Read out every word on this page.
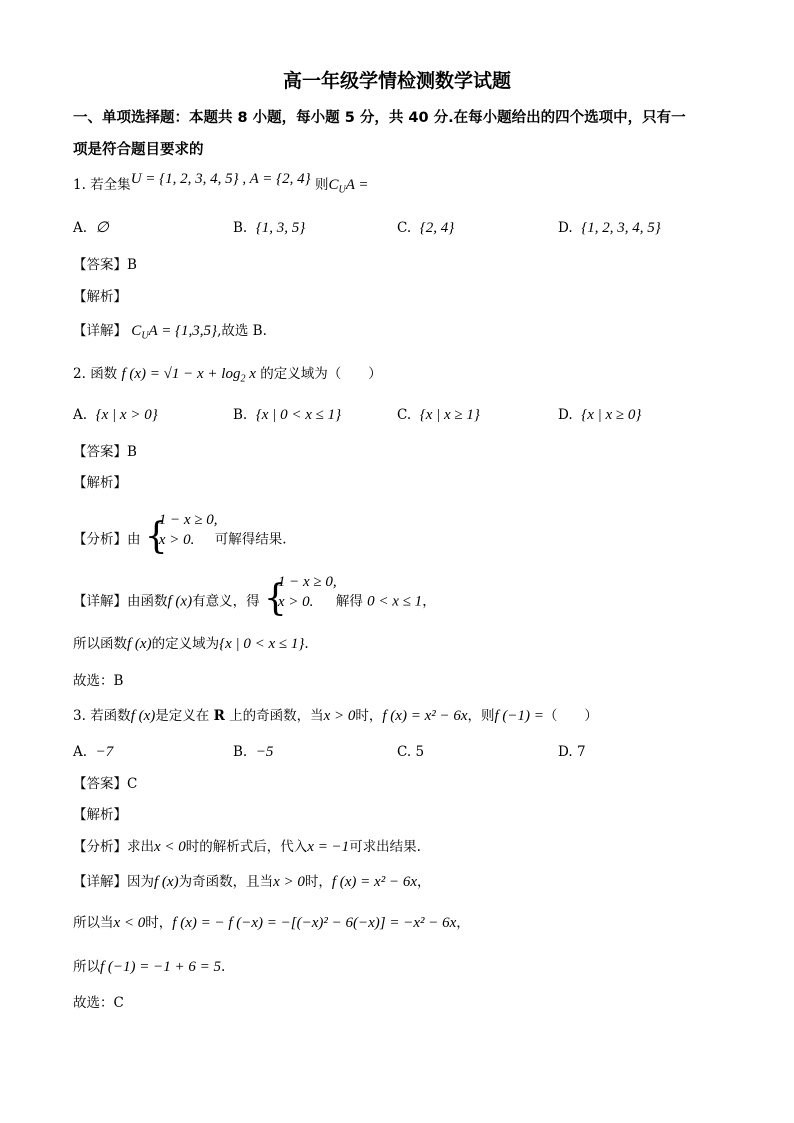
高一年级学情检测数学试题
一、单项选择题：本题共 8 小题，每小题 5 分，共 40 分.在每小题给出的四个选项中，只有一
项是符合题目要求的
1. 若全集U = {1, 2, 3, 4, 5} , A = {2, 4} 则$C_UA$ =
A. ∅	B. {1, 3, 5}	C. {2, 4}	D. {1, 2, 3, 4, 5}
【答案】B
【解析】
【详解】 $C_UA = \{1,3,5\}$,故选 B.
2. 函数 f $(x) = √1 - x + \log_2 x$ 的定义域为（　　）
A. {x | x > 0}	B. {x | 0 < x ≤ 1}	C. {x | x ≥ 1}	D. {x | x ≥ 0}
【答案】B
【解析】
【分析】由 {
1 − x ≥ 0,
x > 0.	可解得结果.
【详解】由函数f (x)有意义，得 {
1 − x ≥ 0,
x > 0.	解得 0 < x ≤ 1，
所以函数f (x)的定义域为{x | 0 < x ≤ 1}.
故选：B
3. 若函数f (x)是定义在 R 上的奇函数，当x > 0时，f (x) = x² − 6x，则f (−1) =（　　）
A. −7	B. −5	C. 5	D. 7
【答案】C
【解析】
【分析】求出x < 0时的解析式后，代入x = −1可求出结果.
【详解】因为f (x)为奇函数，且当x > 0时，f (x) = x² − 6x，
所以当x < 0时，f (x) = − f (−x) = −[(−x)² − 6(−x)] = −x² − 6x，
所以f (−1) = −1 + 6 = 5.
故选：C
